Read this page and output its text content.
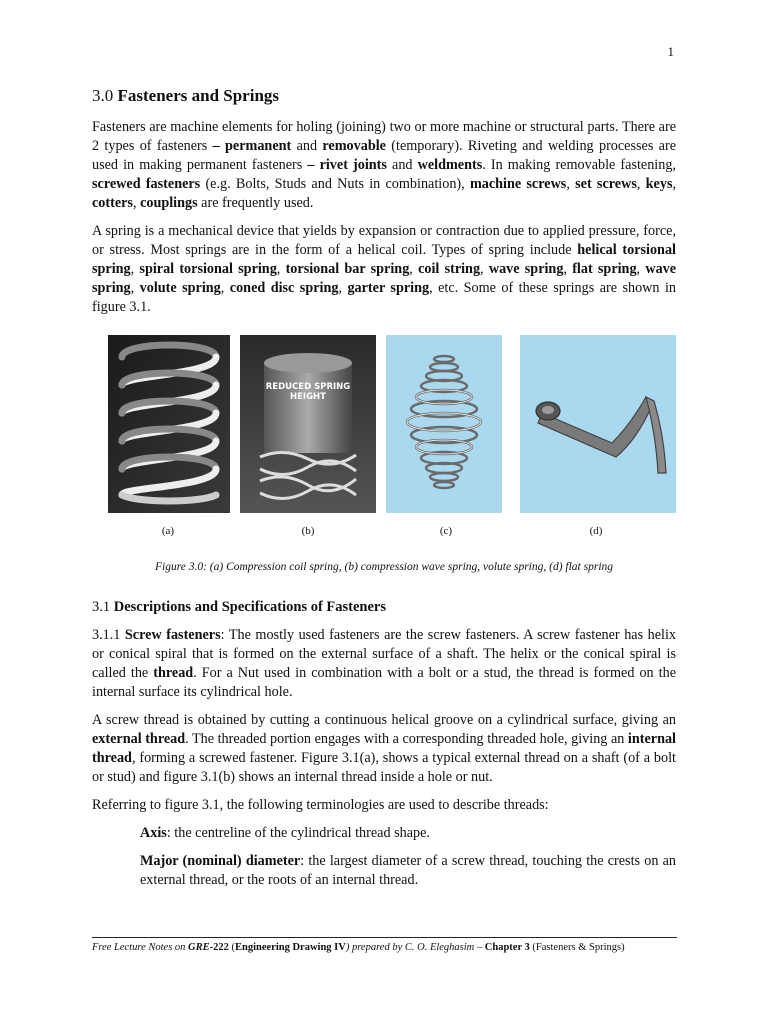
1
3.0 Fasteners and Springs

Fasteners are machine elements for holing (joining) two or more machine or structural parts. There are 2 types of fasteners – permanent and removable (temporary). Riveting and welding processes are used in making permanent fasteners – rivet joints and weldments. In making removable fastening, screwed fasteners (e.g. Bolts, Studs and Nuts in combination), machine screws, set screws, keys, cotters, couplings are frequently used.

A spring is a mechanical device that yields by expansion or contraction due to applied pressure, force, or stress. Most springs are in the form of a helical coil. Types of spring include helical torsional spring, spiral torsional spring, torsional bar spring, coil string, wave spring, flat spring, wave spring, volute spring, coned disc spring, garter spring, etc. Some of these springs are shown in figure 3.1.

REDUCED SPRING
HEIGHT
(a)	(b)	(c)	(d)
Figure 3.0: (a) Compression coil spring, (b) compression wave spring, volute spring, (d) flat spring
3.1 Descriptions and Specifications of Fasteners

3.1.1 Screw fasteners: The mostly used fasteners are the screw fasteners. A screw fastener has helix or conical spiral that is formed on the external surface of a shaft. The helix or the conical spiral is called the thread. For a Nut used in combination with a bolt or a stud, the thread is formed on the internal surface its cylindrical hole.

A screw thread is obtained by cutting a continuous helical groove on a cylindrical surface, giving an external thread. The threaded portion engages with a corresponding threaded hole, giving an internal thread, forming a screwed fastener. Figure 3.1(a), shows a typical external thread on a shaft (of a bolt or stud) and figure 3.1(b) shows an internal thread inside a hole or nut.

Referring to figure 3.1, the following terminologies are used to describe threads:

Axis: the centreline of the cylindrical thread shape.

Major (nominal) diameter: the largest diameter of a screw thread, touching the crests on an external thread, or the roots of an internal thread.

Free Lecture Notes on GRE-222 (Engineering Drawing IV) prepared by C. O. Eleghasim – Chapter 3 (Fasteners & Springs)
